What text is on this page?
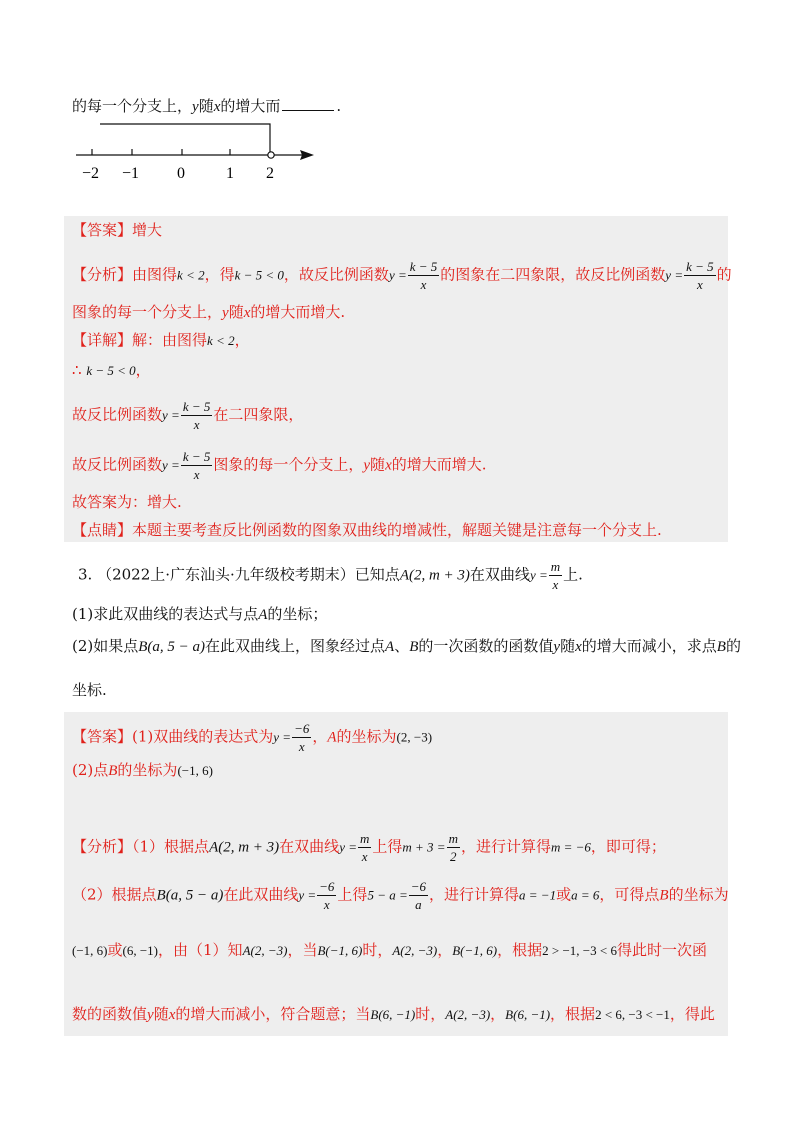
的每一个分支上，y随x的增大而	.
−2 −1 0	1 2
【答案】增大
【分析】由图得k < 2，得k − 5 < 0，故反比例函数$y = \frac{k - 5}{x}$ 的图象在二四象限，故反比例函数$y = \frac{k - 5}{x}$ 的
图象的每一个分支上，y随x的增大而增大.
【详解】解：由图得k < 2，
∴ k − 5 < 0，
故反比例函数$y = \frac{k - 5}{x}$ 在二四象限，
故反比例函数$y = \frac{k - 5}{x}$ 图象的每一个分支上，y随x的增大而增大.
故答案为：增大.
【点睛】本题主要考查反比例函数的图象双曲线的增减性，解题关键是注意每一个分支上.
3. （2022上·广东汕头·九年级校考期末）已知点A(2, m + 3)在双曲线$y = \frac{m}{x}$ 上.
(1)求此双曲线的表达式与点A的坐标；
(2)如果点B(a, 5 − a)在此双曲线上，图象经过点A、B的一次函数的函数值y随x的增大而减小，求点B的
坐标.
【答案】(1)双曲线的表达式为$y = \frac{-6}{x}$ ，A的坐标为(2, −3)
(2)点B的坐标为(−1, 6)
【分析】（1）根据点A(2, m + 3)在双曲线$y = \frac{m}{x}$ 上得$m + 3 = \frac{m}{2}$ ，进行计算得m = −6，即可得；
（2）根据点B(a, 5 − a)在此双曲线$y = \frac{-6}{x}$ 上得$5 - a = \frac{-6}{a}$ ，进行计算得a = −1或a = 6，可得点B的坐标为
(−1, 6)或(6, −1)，由（1）知A(2, −3)，当B(−1, 6)时，A(2, −3)，B(−1, 6)，根据2 > −1, −3 < 6得此时一次函
数的函数值y随x的增大而减小，符合题意；当B(6, −1)时，A(2, −3)，B(6, −1)，根据2 < 6, −3 < −1，得此
